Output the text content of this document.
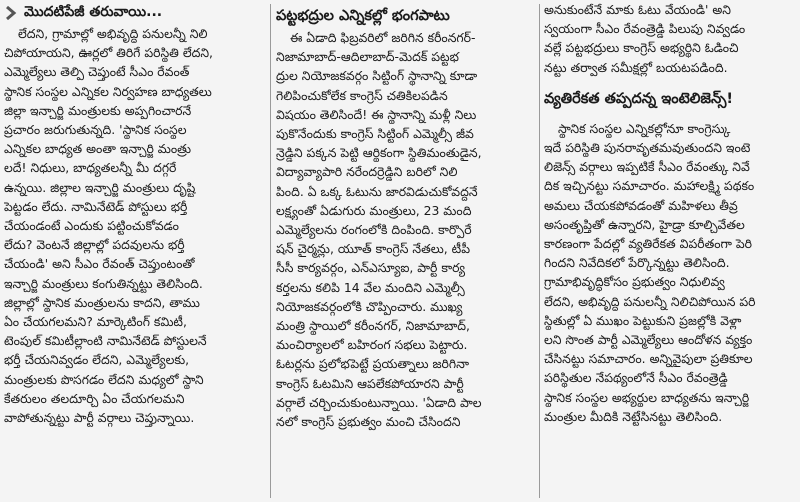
మొదటిపేజీ తరువాయి...
లేదని, గ్రామాల్లో అభివృద్ధి పనులన్నీ నిలి
చిపోయాయని, ఊర్లలో తిరిగే పరిస్థితి లేదని,
ఎమ్మెల్యేలు తెల్పి చెప్తుంటే సీఎం రేవంత్
స్థానిక సంస్థల ఎన్నికల నిర్వహణ బాధ్యతలు
జిల్లా ఇన్చార్జి మంత్రులకు అప్పగించారనే
ప్రచారం జరుగుతున్నది. 'స్థానిక సంస్థల
ఎన్నికల బాధ్యత అంతా ఇన్చార్జి మంత్రు
లదే! నిధులు, బాధ్యతలన్నీ మీ దగ్గరే
ఉన్నయి. జిల్లాల ఇన్చార్జి మంత్రులు దృష్టి
పెట్టడం లేదు. నామినేటెడ్ పోస్టులు భర్తీ
చేయండంటే ఎందుకు పట్టించుకోవడం
లేదు? వెంటనే జిల్లాల్లో పదవులను భర్తీ
చేయండి' అని సీఎం రేవంత్ చెప్తుంటంతో
ఇన్చార్జి మంత్రులు కంగుతిన్నట్టు తెలిసింది.
జిల్లాల్లో స్థానిక మంత్రులను కాదని, తాము
ఏం చేయగలమని? మార్కెటింగ్ కమిటీ,
టెంపుల్ కమిటీల్లాంటి నామినేటెడ్ పోస్టులనే
భర్తీ చేయనివ్వడం లేదని, ఎమ్మెల్యేలకు,
మంత్రులకు పొసగడం లేదని మధ్యలో స్థాని
కేతరులం తలదూర్చి ఏం చేయగలమని
వాపోతున్నట్టు పార్టీ వర్గాలు చెప్తున్నాయి.
పట్టభద్రుల ఎన్నికల్లో భంగపాటు
ఈ ఏడాది ఫిబ్రవరిలో జరిగిన కరీంనగర్-
నిజామాబాద్-ఆదిలాబాద్-మెదక్ పట్టభ
ద్రుల నియోజకవర్గం సిట్టింగ్ స్థానాన్ని కూడా
గెలిపించుకోలేక కాంగ్రెస్ చతికిలపడిన
విషయం తెలిసిందే! ఈ స్థానాన్ని మళ్లీ నిలు
పుకొనేందుకు కాంగ్రెస్ సిట్టింగ్ ఎమ్మెల్సీ జీవ
న్రెడ్డిని పక్కన పెట్టి ఆర్థికంగా స్థితిమంతుడైన,
విద్యావ్యాపారి నరేందర్రెడ్డిని బరిలో నిలి
పింది. ఏ ఒక్క ఓటును జారవిడుచుకోవద్దనే
లక్ష్యంతో ఏడుగురు మంత్రులు, 23 మంది
ఎమ్మెల్యేలను రంగంలోకి దింపింది. కార్పొరే
షన్ చైర్మన్లు, యూత్ కాంగ్రెస్ నేతలు, టీపీ
సీసీ కార్యవర్గం, ఎన్ఎస్యూఐ, పార్టీ కార్య
కర్తలను కలిపి 14 వేల మందిని ఎమ్మెల్సీ
నియోజకవర్గంలోకి చొప్పించారు. ముఖ్య
మంత్రి స్థాయిలో కరీంనగర్, నిజామాబాద్,
మంచిర్యాలలో బహిరంగ సభలు పెట్టారు.
ఓటర్లను ప్రలోభపెట్టే ప్రయత్నాలు జరిగినా
కాంగ్రెస్ ఓటమిని ఆపలేకపోయారని పార్టీ
వర్గాలే చర్చించుకుంటున్నాయి. 'ఏడాది పాల
నలో కాంగ్రెస్ ప్రభుత్వం మంచి చేసిందని
అనుకుంటేనే మాకు ఓటు వేయండి' అని
స్వయంగా సీఎం రేవంత్రెడ్డి పిలుపు నివ్వడం
వల్లే పట్టభద్రులు కాంగ్రెస్ అభ్యర్థిని ఓడించి
నట్టు తర్వాత సమీక్షల్లో బయటపడింది.
వ్యతిరేకత తప్పదన్న ఇంటెలిజెన్స్!
స్థానిక సంస్థల ఎన్నికల్లోనూ కాంగ్రెస్కు
ఇదే పరిస్థితి పునరావృతమవుతుందని ఇంటె
లిజెన్స్ వర్గాలు ఇప్పటికే సీఎం రేవంత్కు నివే
దిక ఇచ్చినట్టు సమాచారం. మహాలక్ష్మి పథకం
అమలు చేయకపోవడంతో మహిళలు తీవ్ర
అసంతృప్తితో ఉన్నారని, హైడ్రా కూల్చివేతల
కారణంగా పేదల్లో వ్యతిరేకత విపరీతంగా పెరి
గిందని నివేదికలో పేర్కొన్నట్టు తెలిసింది.
గ్రామాభివృద్ధికోసం ప్రభుత్వం నిధులివ్వ
లేదని, అభివృద్ధి పనులన్నీ నిలిచిపోయిన పరి
స్థితుల్లో ఏ ముఖం పెట్టుకుని ప్రజల్లోకి వెళ్లా
లని సొంత పార్టీ ఎమ్మెల్యేలు ఆందోళన వ్యక్తం
చేసినట్టు సమాచారం. అన్నివైపులా ప్రతికూల
పరిస్థితుల నేపథ్యంలోనే సీఎం రేవంత్రెడ్డి
స్థానిక సంస్థల అభ్యర్థుల బాధ్యతను ఇన్చార్జి
మంత్రుల మీదికి నెట్టేసినట్టు తెలిసింది.
